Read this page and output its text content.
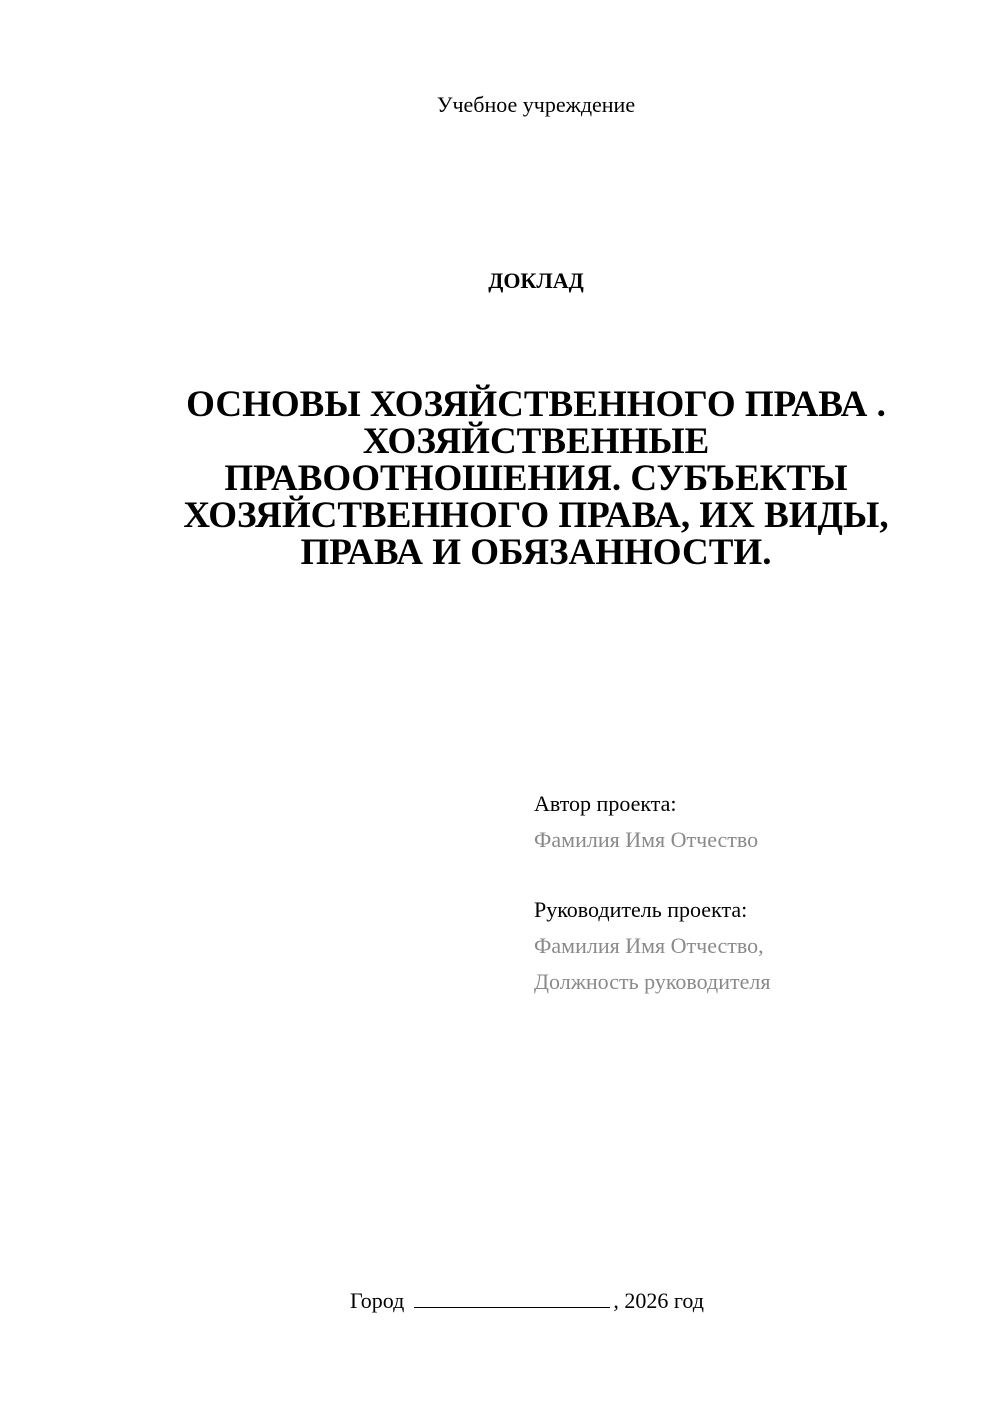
Учебное учреждение
ДОКЛАД
ОСНОВЫ ХОЗЯЙСТВЕННОГО ПРАВА .
ХОЗЯЙСТВЕННЫЕ
ПРАВООТНОШЕНИЯ. СУБЪЕКТЫ
ХОЗЯЙСТВЕННОГО ПРАВА, ИХ ВИДЫ,
ПРАВА И ОБЯЗАННОСТИ.
Автор проекта:
Фамилия Имя Отчество
Руководитель проекта:
Фамилия Имя Отчество,
Должность руководителя
Город	, 2026 год
